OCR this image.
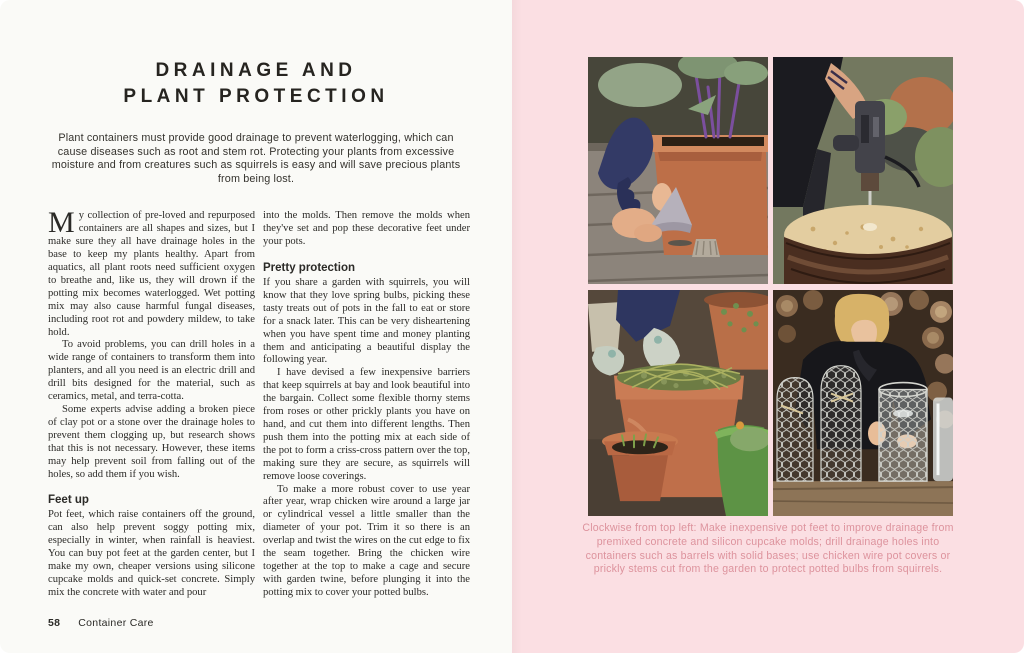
DRAINAGE AND
PLANT PROTECTION

Plant containers must provide good drainage to prevent waterlogging, which can cause diseases such as root and stem rot. Protecting your plants from excessive moisture and from creatures such as squirrels is easy and will save precious plants from being lost.

My collection of pre-loved and repurposed containers are all shapes and sizes, but I make sure they all have drainage holes in the base to keep my plants healthy. Apart from aquatics, all plant roots need sufficient oxygen to breathe and, like us, they will drown if the potting mix becomes waterlogged. Wet potting mix may also cause harmful fungal diseases, including root rot and powdery mildew, to take hold.

To avoid problems, you can drill holes in a wide range of containers to transform them into planters, and all you need is an electric drill and drill bits designed for the material, such as ceramics, metal, and terra-cotta.

Some experts advise adding a broken piece of clay pot or a stone over the drainage holes to prevent them clogging up, but research shows that this is not necessary. However, these items may help prevent soil from falling out of the holes, so add them if you wish.

Feet up

Pot feet, which raise containers off the ground, can also help prevent soggy potting mix, especially in winter, when rainfall is heaviest. You can buy pot feet at the garden center, but I make my own, cheaper versions using silicone cupcake molds and quick-set concrete. Simply mix the concrete with water and pour

into the molds. Then remove the molds when they've set and pop these decorative feet under your pots.

Pretty protection

If you share a garden with squirrels, you will know that they love spring bulbs, picking these tasty treats out of pots in the fall to eat or store for a snack later. This can be very disheartening when you have spent time and money planting them and anticipating a beautiful display the following year.

I have devised a few inexpensive barriers that keep squirrels at bay and look beautiful into the bargain. Collect some flexible thorny stems from roses or other prickly plants you have on hand, and cut them into different lengths. Then push them into the potting mix at each side of the pot to form a criss-cross pattern over the top, making sure they are secure, as squirrels will remove loose coverings.

To make a more robust cover to use year after year, wrap chicken wire around a large jar or cylindrical vessel a little smaller than the diameter of your pot. Trim it so there is an overlap and twist the wires on the cut edge to fix the seam together. Bring the chicken wire together at the top to make a cage and secure with garden twine, before plunging it into the potting mix to cover your potted bulbs.

58 Container Care

Clockwise from top left: Make inexpensive pot feet to improve drainage from premixed concrete and silicon cupcake molds; drill drainage holes into containers such as barrels with solid bases; use chicken wire pot covers or prickly stems cut from the garden to protect potted bulbs from squirrels.
